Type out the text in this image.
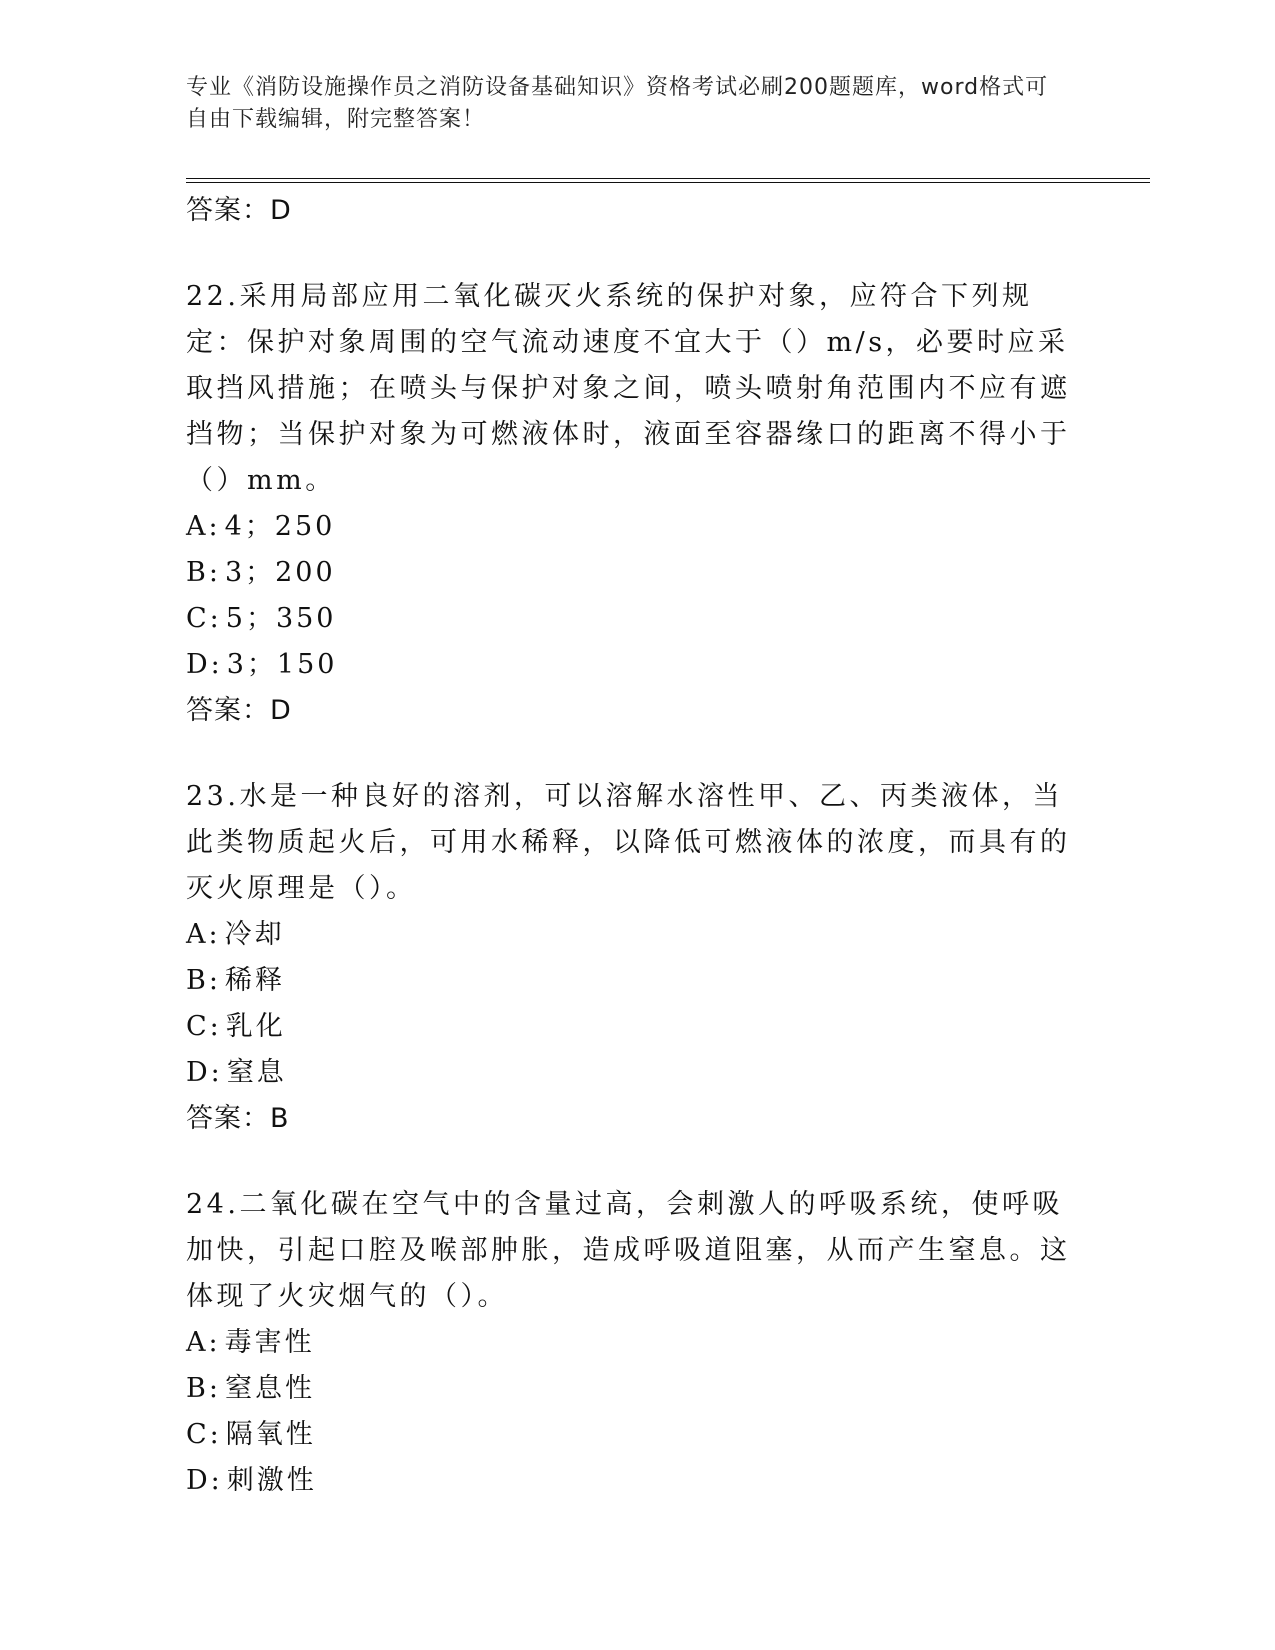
专业《消防设施操作员之消防设备基础知识》资格考试必刷200题题库，word格式可自由下载编辑，附完整答案！
答案：D
22.采用局部应用二氧化碳灭火系统的保护对象，应符合下列规定：保护对象周围的空气流动速度不宜大于（）m/s，必要时应采取挡风措施；在喷头与保护对象之间，喷头喷射角范围内不应有遮挡物；当保护对象为可燃液体时，液面至容器缘口的距离不得小于（）mm。
A: 4；250
B: 3；200
C: 5；350
D: 3；150
答案：D
23.水是一种良好的溶剂，可以溶解水溶性甲、乙、丙类液体，当此类物质起火后，可用水稀释，以降低可燃液体的浓度，而具有的灭火原理是（）。
A: 冷却
B: 稀释
C: 乳化
D: 窒息
答案：B
24.二氧化碳在空气中的含量过高，会刺激人的呼吸系统，使呼吸加快，引起口腔及喉部肿胀，造成呼吸道阻塞，从而产生窒息。这体现了火灾烟气的（）。
A: 毒害性
B: 窒息性
C: 隔氧性
D: 刺激性
